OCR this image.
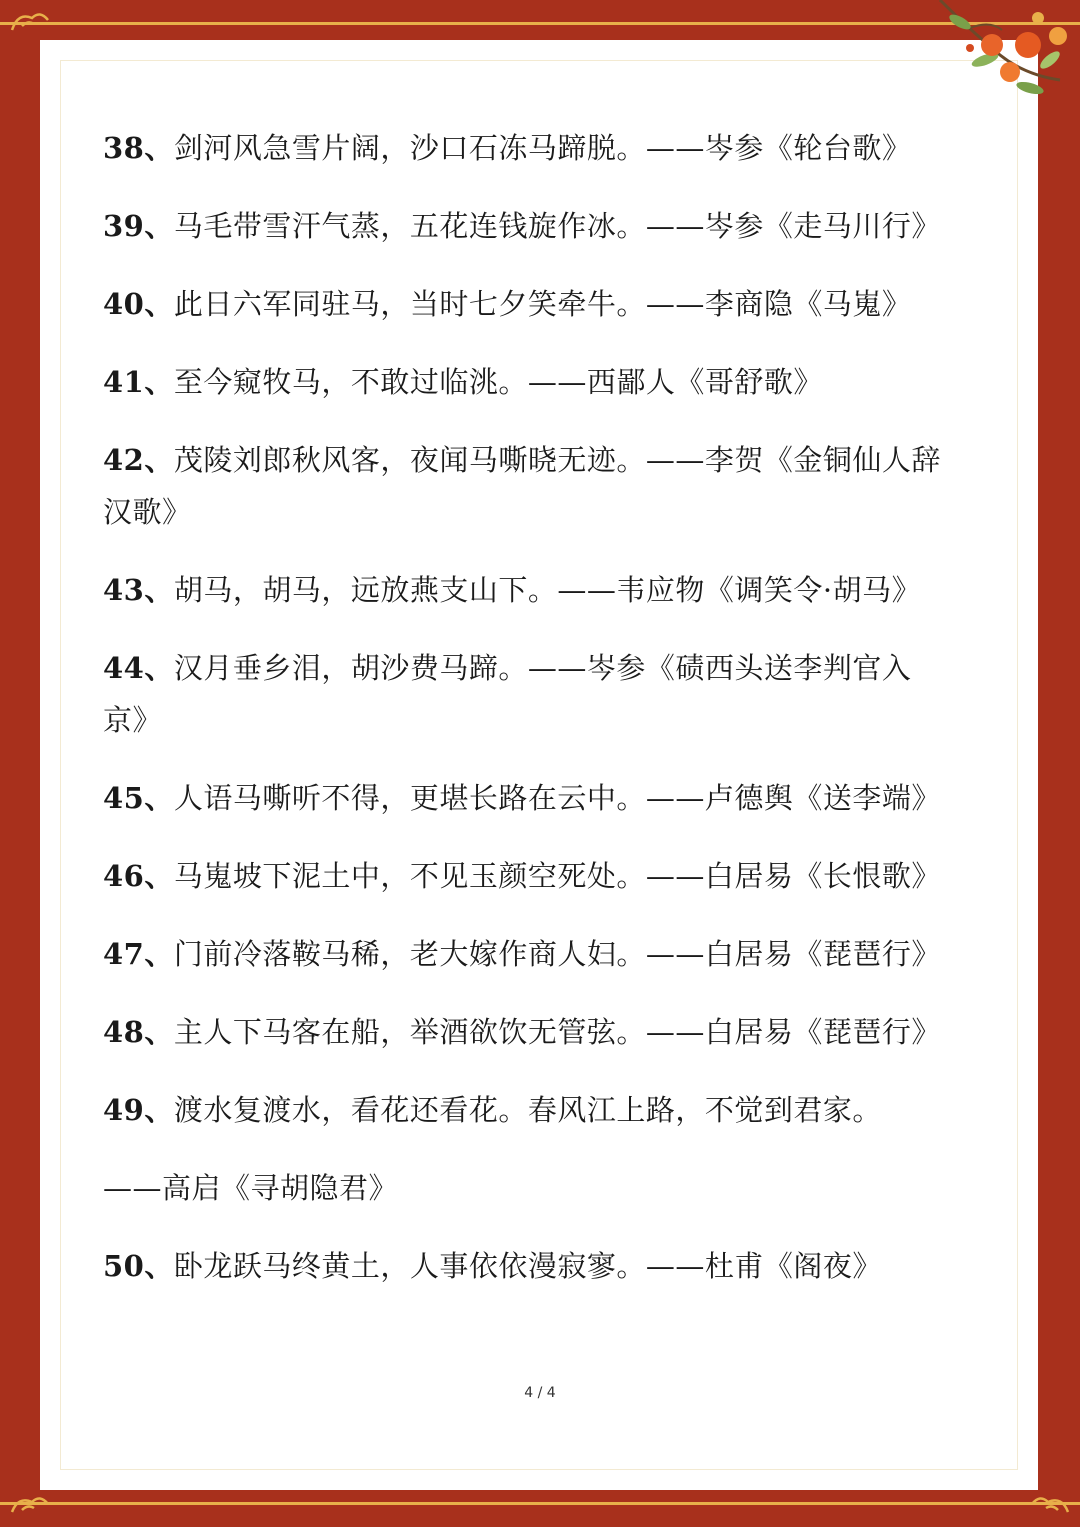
38、剑河风急雪片阔，沙口石冻马蹄脱。——岑参《轮台歌》
39、马毛带雪汗气蒸，五花连钱旋作冰。——岑参《走马川行》
40、此日六军同驻马，当时七夕笑牵牛。——李商隐《马嵬》
41、至今窥牧马，不敢过临洮。——西鄙人《哥舒歌》
42、茂陵刘郎秋风客，夜闻马嘶晓无迹。——李贺《金铜仙人辞
汉歌》
43、胡马，胡马，远放燕支山下。——韦应物《调笑令·胡马》
44、汉月垂乡泪，胡沙费马蹄。——岑参《碛西头送李判官入
京》
45、人语马嘶听不得，更堪长路在云中。——卢德舆《送李端》
46、马嵬坡下泥土中，不见玉颜空死处。——白居易《长恨歌》
47、门前冷落鞍马稀，老大嫁作商人妇。——白居易《琵琶行》
48、主人下马客在船，举酒欲饮无管弦。——白居易《琵琶行》
49、渡水复渡水，看花还看花。春风江上路，不觉到君家。
——高启《寻胡隐君》
50、卧龙跃马终黄土，人事依依漫寂寥。——杜甫《阁夜》
4 / 4
